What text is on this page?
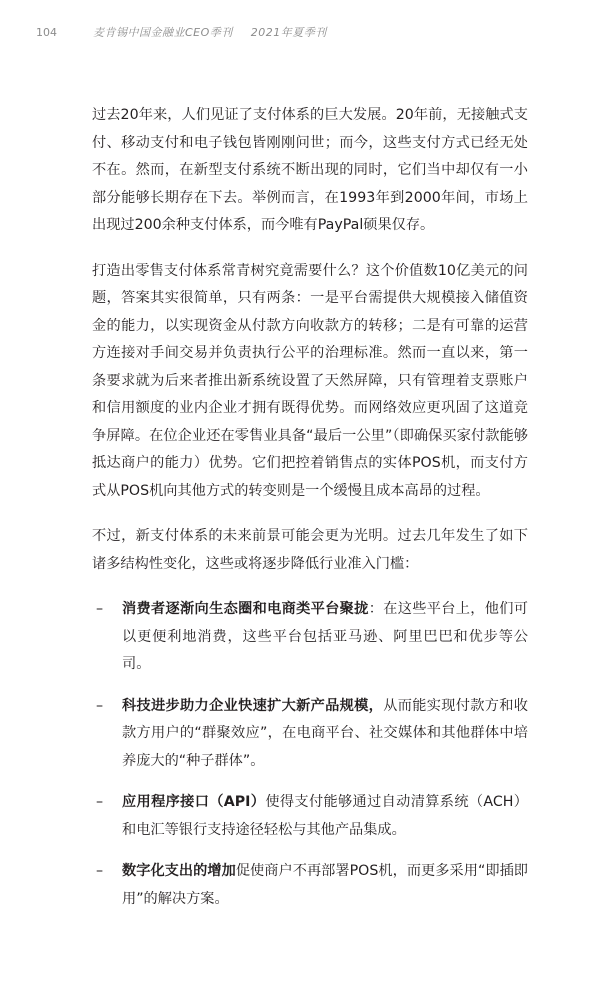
104	麦肯锡中国金融业CEO季刊 2021年夏季刊

过去20年来，人们见证了支付体系的巨大发展。20年前，无接触式支付、移动支付和电子钱包皆刚刚问世；而今，这些支付方式已经无处不在。然而，在新型支付系统不断出现的同时，它们当中却仅有一小部分能够长期存在下去。举例而言，在1993年到2000年间，市场上出现过200余种支付体系，而今唯有PayPal硕果仅存。

打造出零售支付体系常青树究竟需要什么？这个价值数10亿美元的问题，答案其实很简单，只有两条：一是平台需提供大规模接入储值资金的能力，以实现资金从付款方向收款方的转移；二是有可靠的运营方连接对手间交易并负责执行公平的治理标准。然而一直以来，第一条要求就为后来者推出新系统设置了天然屏障，只有管理着支票账户和信用额度的业内企业才拥有既得优势。而网络效应更巩固了这道竞争屏障。在位企业还在零售业具备“最后一公里”（即确保买家付款能够抵达商户的能力）优势。它们把控着销售点的实体POS机，而支付方式从POS机向其他方式的转变则是一个缓慢且成本高昂的过程。

不过，新支付体系的未来前景可能会更为光明。过去几年发生了如下诸多结构性变化，这些或将逐步降低行业准入门槛：

– 消费者逐渐向生态圈和电商类平台聚拢：在这些平台上，他们可以更便利地消费，这些平台包括亚马逊、阿里巴巴和优步等公司。
– 科技进步助力企业快速扩大新产品规模，从而能实现付款方和收款方用户的“群聚效应”，在电商平台、社交媒体和其他群体中培养庞大的“种子群体”。
– 应用程序接口（API）使得支付能够通过自动清算系统（ACH）和电汇等银行支持途径轻松与其他产品集成。
– 数字化支出的增加促使商户不再部署POS机，而更多采用“即插即用”的解决方案。
